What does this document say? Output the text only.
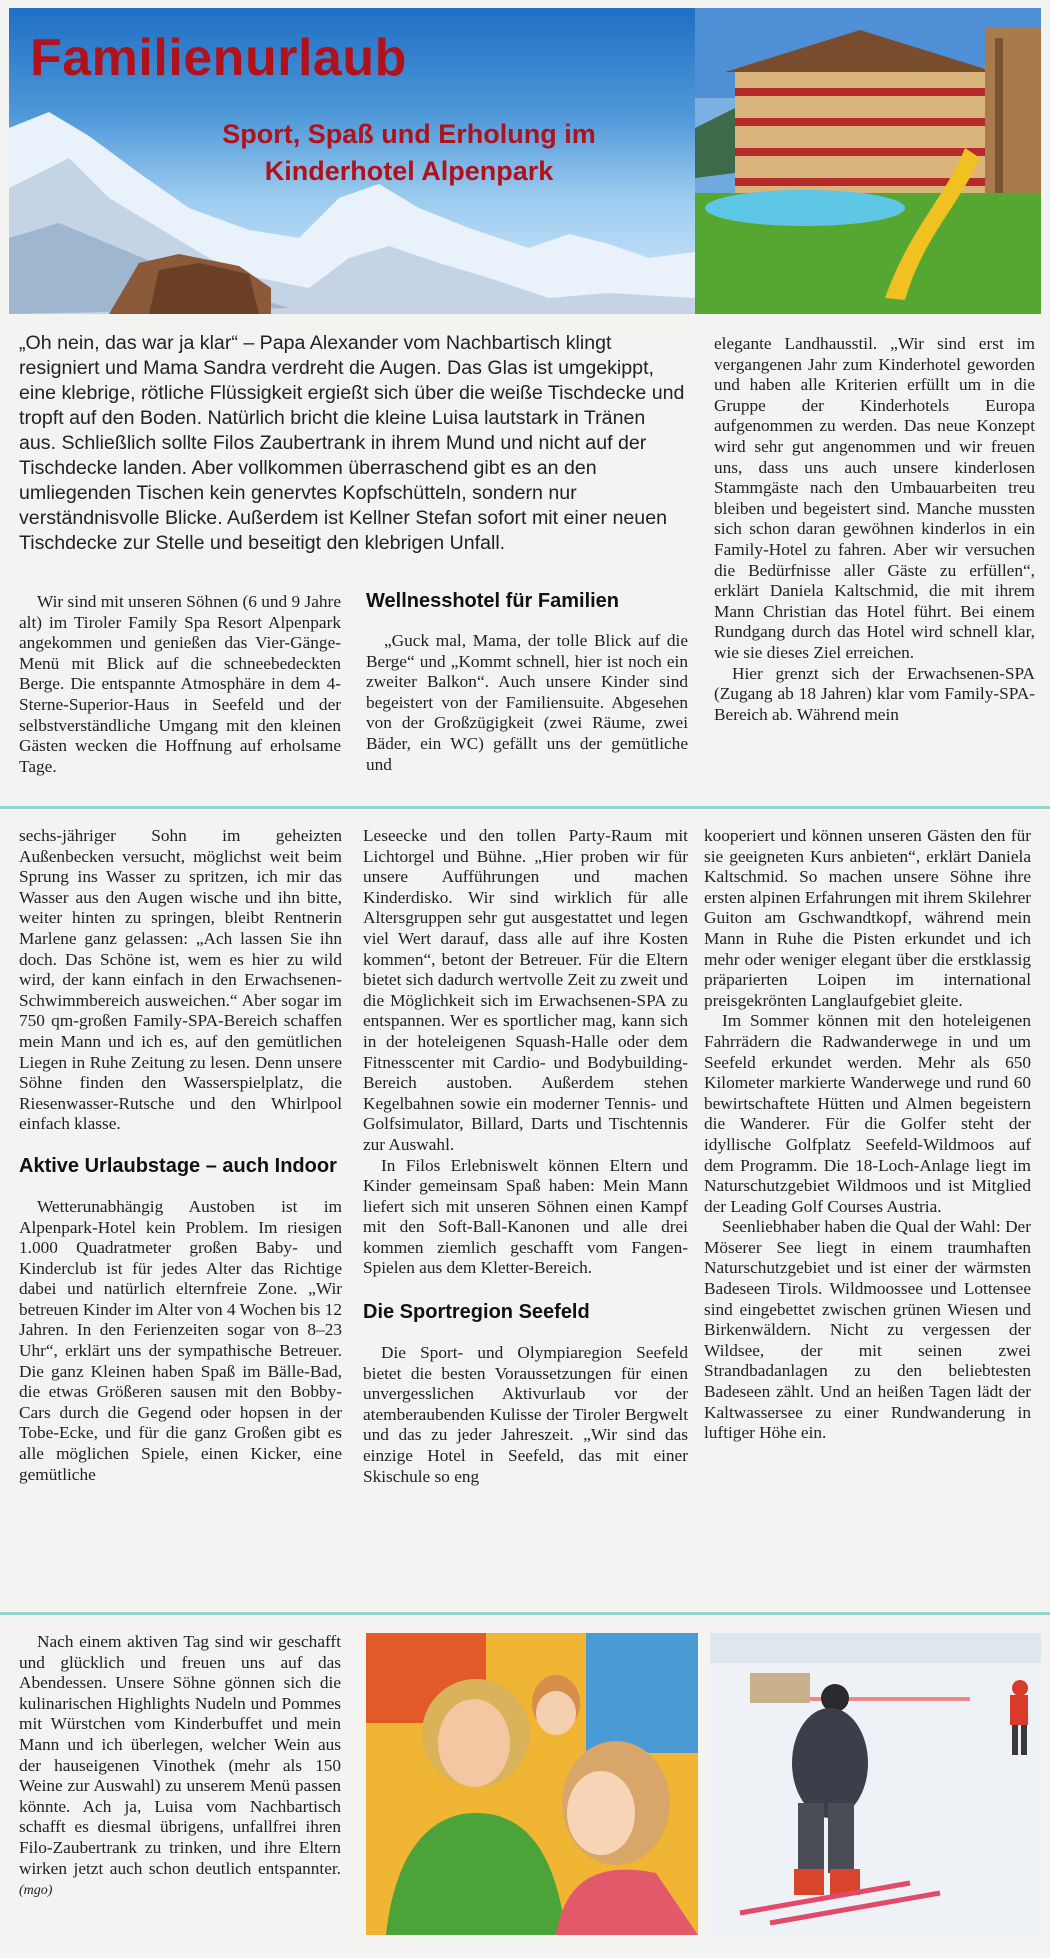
Familienurlaub
Sport, Spaß und Erholung im
Kinderhotel Alpenpark
„Oh nein, das war ja klar“ – Papa Alexander vom Nachbartisch klingt resigniert und Mama Sandra verdreht die Augen. Das Glas ist umgekippt, eine klebrige, rötliche Flüssigkeit ergießt sich über die weiße Tischdecke und tropft auf den Boden. Natürlich bricht die kleine Luisa lautstark in Tränen aus. Schließlich sollte Filos Zaubertrank in ihrem Mund und nicht auf der Tischdecke landen. Aber vollkommen überraschend gibt es an den umliegenden Tischen kein genervtes Kopfschütteln, sondern nur verständnisvolle Blicke. Außerdem ist Kellner Stefan sofort mit einer neuen Tischdecke zur Stelle und beseitigt den klebrigen Unfall.

Wir sind mit unseren Söhnen (6 und 9 Jahre alt) im Tiroler Family Spa Resort Alpenpark angekommen und genießen das Vier-Gänge-Menü mit Blick auf die schneebedeckten Berge. Die entspannte Atmosphäre in dem 4-Sterne-Superior-Haus in Seefeld und der selbstverständliche Umgang mit den kleinen Gästen wecken die Hoffnung auf erholsame Tage.

Wellnesshotel für Familien

„Guck mal, Mama, der tolle Blick auf die Berge“ und „Kommt schnell, hier ist noch ein zweiter Balkon“. Auch unsere Kinder sind begeistert von der Familiensuite. Abgesehen von der Großzügigkeit (zwei Räume, zwei Bäder, ein WC) gefällt uns der gemütliche und

elegante Landhausstil. „Wir sind erst im vergangenen Jahr zum Kinderhotel geworden und haben alle Kriterien erfüllt um in die Gruppe der Kinderhotels Europa aufgenommen zu werden. Das neue Konzept wird sehr gut angenommen und wir freuen uns, dass uns auch unsere kinderlosen Stammgäste nach den Umbauarbeiten treu bleiben und begeistert sind. Manche mussten sich schon daran gewöhnen kinderlos in ein Family-Hotel zu fahren. Aber wir versuchen die Bedürfnisse aller Gäste zu erfüllen“, erklärt Daniela Kaltschmid, die mit ihrem Mann Christian das Hotel führt. Bei einem Rundgang durch das Hotel wird schnell klar, wie sie dieses Ziel erreichen.

Hier grenzt sich der Erwachsenen-SPA (Zugang ab 18 Jahren) klar vom Family-SPA-Bereich ab. Während mein

sechs-jähriger Sohn im geheizten Außenbecken versucht, möglichst weit beim Sprung ins Wasser zu spritzen, ich mir das Wasser aus den Augen wische und ihn bitte, weiter hinten zu springen, bleibt Rentnerin Marlene ganz gelassen: „Ach lassen Sie ihn doch. Das Schöne ist, wem es hier zu wild wird, der kann einfach in den Erwachsenen-Schwimmbereich ausweichen.“ Aber sogar im 750 qm-großen Family-SPA-Bereich schaffen mein Mann und ich es, auf den gemütlichen Liegen in Ruhe Zeitung zu lesen. Denn unsere Söhne finden den Wasserspielplatz, die Riesenwasser-Rutsche und den Whirlpool einfach klasse.

Aktive Urlaubstage – auch Indoor

Wetterunabhängig Austoben ist im Alpenpark-Hotel kein Problem. Im riesigen 1.000 Quadratmeter großen Baby- und Kinderclub ist für jedes Alter das Richtige dabei und natürlich elternfreie Zone. „Wir betreuen Kinder im Alter von 4 Wochen bis 12 Jahren. In den Ferienzeiten sogar von 8–23 Uhr“, erklärt uns der sympathische Betreuer. Die ganz Kleinen haben Spaß im Bälle-Bad, die etwas Größeren sausen mit den Bobby-Cars durch die Gegend oder hopsen in der Tobe-Ecke, und für die ganz Großen gibt es alle möglichen Spiele, einen Kicker, eine gemütliche

Leseecke und den tollen Party-Raum mit Lichtorgel und Bühne. „Hier proben wir für unsere Aufführungen und machen Kinderdisko. Wir sind wirklich für alle Altersgruppen sehr gut ausgestattet und legen viel Wert darauf, dass alle auf ihre Kosten kommen“, betont der Betreuer. Für die Eltern bietet sich dadurch wertvolle Zeit zu zweit und die Möglichkeit sich im Erwachsenen-SPA zu entspannen. Wer es sportlicher mag, kann sich in der hoteleigenen Squash-Halle oder dem Fitnesscenter mit Cardio- und Bodybuilding-Bereich austoben. Außerdem stehen Kegelbahnen sowie ein moderner Tennis- und Golfsimulator, Billard, Darts und Tischtennis zur Auswahl.

In Filos Erlebniswelt können Eltern und Kinder gemeinsam Spaß haben: Mein Mann liefert sich mit unseren Söhnen einen Kampf mit den Soft-Ball-Kanonen und alle drei kommen ziemlich geschafft vom Fangen-Spielen aus dem Kletter-Bereich.

Die Sportregion Seefeld

Die Sport- und Olympiaregion Seefeld bietet die besten Voraussetzungen für einen unvergesslichen Aktivurlaub vor der atemberaubenden Kulisse der Tiroler Bergwelt und das zu jeder Jahreszeit. „Wir sind das einzige Hotel in Seefeld, das mit einer Skischule so eng

kooperiert und können unseren Gästen den für sie geeigneten Kurs anbieten“, erklärt Daniela Kaltschmid. So machen unsere Söhne ihre ersten alpinen Erfahrungen mit ihrem Skilehrer Guiton am Gschwandtkopf, während mein Mann in Ruhe die Pisten erkundet und ich mehr oder weniger elegant über die erstklassig präparierten Loipen im international preisgekrönten Langlaufgebiet gleite.

Im Sommer können mit den hoteleigenen Fahrrädern die Radwanderwege in und um Seefeld erkundet werden. Mehr als 650 Kilometer markierte Wanderwege und rund 60 bewirtschaftete Hütten und Almen begeistern die Wanderer. Für die Golfer steht der idyllische Golfplatz Seefeld-Wildmoos auf dem Programm. Die 18-Loch-Anlage liegt im Naturschutzgebiet Wildmoos und ist Mitglied der Leading Golf Courses Austria.

Seenliebhaber haben die Qual der Wahl: Der Möserer See liegt in einem traumhaften Naturschutzgebiet und ist einer der wärmsten Badeseen Tirols. Wildmoossee und Lottensee sind eingebettet zwischen grünen Wiesen und Birkenwäldern. Nicht zu vergessen der Wildsee, der mit seinen zwei Strandbadanlagen zu den beliebtesten Badeseen zählt. Und an heißen Tagen lädt der Kaltwassersee zu einer Rundwanderung in luftiger Höhe ein.

Nach einem aktiven Tag sind wir geschafft und glücklich und freuen uns auf das Abendessen. Unsere Söhne gönnen sich die kulinarischen Highlights Nudeln und Pommes mit Würstchen vom Kinderbuffet und mein Mann und ich überlegen, welcher Wein aus der hauseigenen Vinothek (mehr als 150 Weine zur Auswahl) zu unserem Menü passen könnte. Ach ja, Luisa vom Nachbartisch schafft es diesmal übrigens, unfallfrei ihren Filo-Zaubertrank zu trinken, und ihre Eltern wirken jetzt auch schon deutlich entspannter. (mgo)
